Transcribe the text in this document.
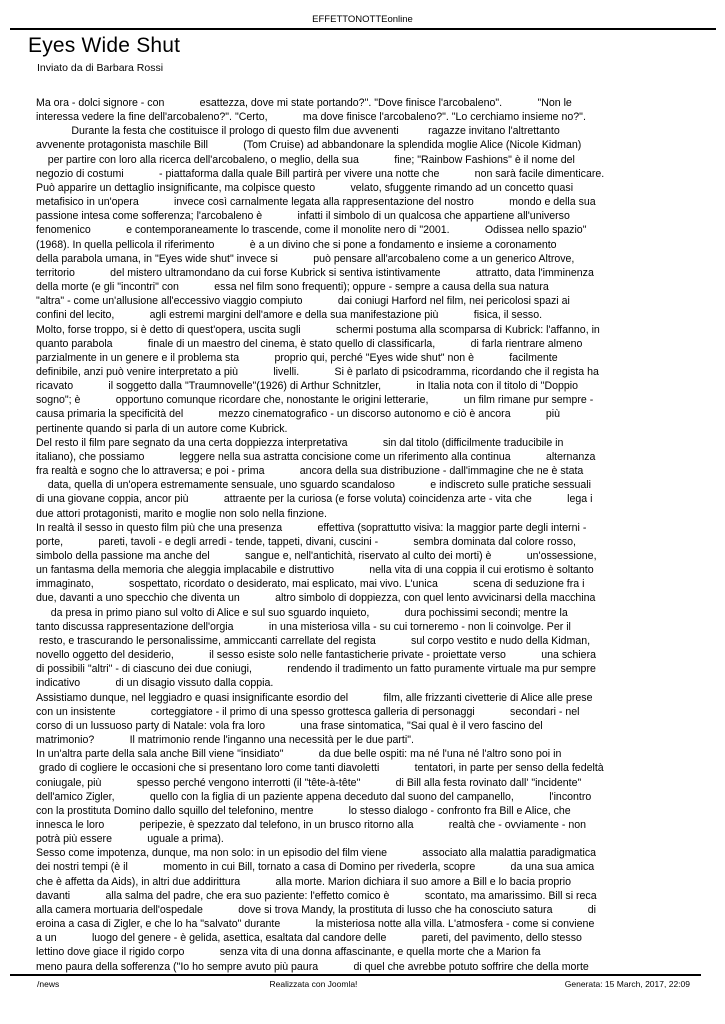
EFFETTONOTTEonline
Eyes Wide Shut
Inviato da di Barbara Rossi
Ma ora - dolci signore - con            esattezza, dove mi state portando?". "Dove finisce l'arcobaleno".            "Non le
interessa vedere la fine dell'arcobaleno?". "Certo,            ma dove finisce l'arcobaleno?". "Lo cerchiamo insieme no?".
Durante la festa che costituisce il prologo di questo film due avvenenti          ragazze invitano l'altrettanto
avvenente protagonista maschile Bill            (Tom Cruise) ad abbandonare la splendida moglie Alice (Nicole Kidman)
per partire con loro alla ricerca dell'arcobaleno, o meglio, della sua            fine; "Rainbow Fashions" è il nome del
negozio di costumi            - piattaforma dalla quale Bill partirà per vivere una notte che            non sarà facile dimenticare.
Può apparire un dettaglio insignificante, ma colpisce questo            velato, sfuggente rimando ad un concetto quasi
metafisico in un'opera            invece così carnalmente legata alla rappresentazione del nostro            mondo e della sua
passione intesa come sofferenza; l'arcobaleno è            infatti il simbolo di un qualcosa che appartiene all'universo
fenomenico            e contemporaneamente lo trascende, come il monolite nero di "2001.            Odissea nello spazio"
(1968). In quella pellicola il riferimento            è a un divino che si pone a fondamento e insieme a coronamento
della parabola umana, in "Eyes wide shut" invece si            può pensare all'arcobaleno come a un generico Altrove,
territorio            del mistero ultramondano da cui forse Kubrick si sentiva istintivamente            attratto, data l'imminenza
della morte (e gli "incontri" con            essa nel film sono frequenti); oppure - sempre a causa della sua natura
"altra" - come un'allusione all'eccessivo viaggio compiuto            dai coniugi Harford nel film, nei pericolosi spazi ai
confini del lecito,            agli estremi margini dell'amore e della sua manifestazione più            fisica, il sesso.
Molto, forse troppo, si è detto di quest'opera, uscita sugli            schermi postuma alla scomparsa di Kubrick: l'affanno, in
quanto parabola            finale di un maestro del cinema, è stato quello di classificarla,            di farla rientrare almeno
parzialmente in un genere e il problema sta            proprio qui, perché "Eyes wide shut" non è            facilmente
definibile, anzi può venire interpretato a più            livelli.            Si è parlato di psicodramma, ricordando che il regista ha
ricavato            il soggetto dalla "Traumnovelle"(1926) di Arthur Schnitzler,            in Italia nota con il titolo di "Doppio
sogno"; è            opportuno comunque ricordare che, nonostante le origini letterarie,            un film rimane pur sempre -
causa primaria la specificità del            mezzo cinematografico - un discorso autonomo e ciò è ancora            più
pertinente quando si parla di un autore come Kubrick.
Del resto il film pare segnato da una certa doppiezza interpretativa            sin dal titolo (difficilmente traducibile in
italiano), che possiamo            leggere nella sua astratta concisione come un riferimento alla continua            alternanza
fra realtà e sogno che lo attraversa; e poi - prima            ancora della sua distribuzione - dall'immagine che ne è stata
data, quella di un'opera estremamente sensuale, uno sguardo scandaloso            e indiscreto sulle pratiche sessuali
di una giovane coppia, ancor più            attraente per la curiosa (e forse voluta) coincidenza arte - vita che            lega i
due attori protagonisti, marito e moglie non solo nella finzione.
In realtà il sesso in questo film più che una presenza            effettiva (soprattutto visiva: la maggior parte degli interni -
porte,            pareti, tavoli - e degli arredi - tende, tappeti, divani, cuscini -            sembra dominata dal colore rosso,
simbolo della passione ma anche del            sangue e, nell'antichità, riservato al culto dei morti) è            un'ossessione,
un fantasma della memoria che aleggia implacabile e distruttivo            nella vita di una coppia il cui erotismo è soltanto
immaginato,            sospettato, ricordato o desiderato, mai esplicato, mai vivo. L'unica            scena di seduzione fra i
due, davanti a uno specchio che diventa un            altro simbolo di doppiezza, con quel lento avvicinarsi della macchina
da presa in primo piano sul volto di Alice e sul suo sguardo inquieto,            dura pochissimi secondi; mentre la
tanto discussa rappresentazione dell'orgia            in una misteriosa villa - su cui torneremo - non li coinvolge. Per il
resto, e trascurando le personalissime, ammiccanti carrellate del regista            sul corpo vestito e nudo della Kidman,
novello oggetto del desiderio,            il sesso esiste solo nelle fantasticherie private - proiettate verso            una schiera
di possibili "altri" - di ciascuno dei due coniugi,            rendendo il tradimento un fatto puramente virtuale ma pur sempre
indicativo            di un disagio vissuto dalla coppia.
Assistiamo dunque, nel leggiadro e quasi insignificante esordio del            film, alle frizzanti civetterie di Alice alle prese
con un insistente            corteggiatore - il primo di una spesso grottesca galleria di personaggi            secondari - nel
corso di un lussuoso party di Natale: vola fra loro            una frase sintomatica, "Sai qual è il vero fascino del
matrimonio?            Il matrimonio rende l'inganno una necessità per le due parti".
In un'altra parte della sala anche Bill viene "insidiato"            da due belle ospiti: ma né l'una né l'altro sono poi in
grado di cogliere le occasioni che si presentano loro come tanti diavoletti            tentatori, in parte per senso della fedeltà
coniugale, più            spesso perché vengono interrotti (il "tête-à-tête"            di Bill alla festa rovinato dall' "incidente"
dell'amico Zigler,            quello con la figlia di un paziente appena deceduto dal suono del campanello,            l'incontro
con la prostituta Domino dallo squillo del telefonino, mentre            lo stesso dialogo - confronto fra Bill e Alice, che
innesca le loro            peripezie, è spezzato dal telefono, in un brusco ritorno alla            realtà che - ovviamente - non
potrà più essere            uguale a prima).
Sesso come impotenza, dunque, ma non solo: in un episodio del film viene            associato alla malattia paradigmatica
dei nostri tempi (è il            momento in cui Bill, tornato a casa di Domino per rivederla, scopre            da una sua amica
che è affetta da Aids), in altri due addirittura            alla morte. Marion dichiara il suo amore a Bill e lo bacia proprio
davanti            alla salma del padre, che era suo paziente: l'effetto comico è            scontato, ma amarissimo. Bill si reca
alla camera mortuaria dell'ospedale            dove si trova Mandy, la prostituta di lusso che ha conosciuto satura            di
eroina a casa di Zigler, e che lo ha "salvato" durante            la misteriosa notte alla villa. L'atmosfera - come si conviene
a un            luogo del genere - è gelida, asettica, esaltata dal candore delle            pareti, del pavimento, dello stesso
lettino dove giace il rigido corpo            senza vita di una donna affascinante, e quella morte che a Marion fa
meno paura della sofferenza ("Io ho sempre avuto più paura            di quel che avrebbe potuto soffrire che della morte
/news	Realizzata con Joomla!	Generata: 15 March, 2017, 22:09
